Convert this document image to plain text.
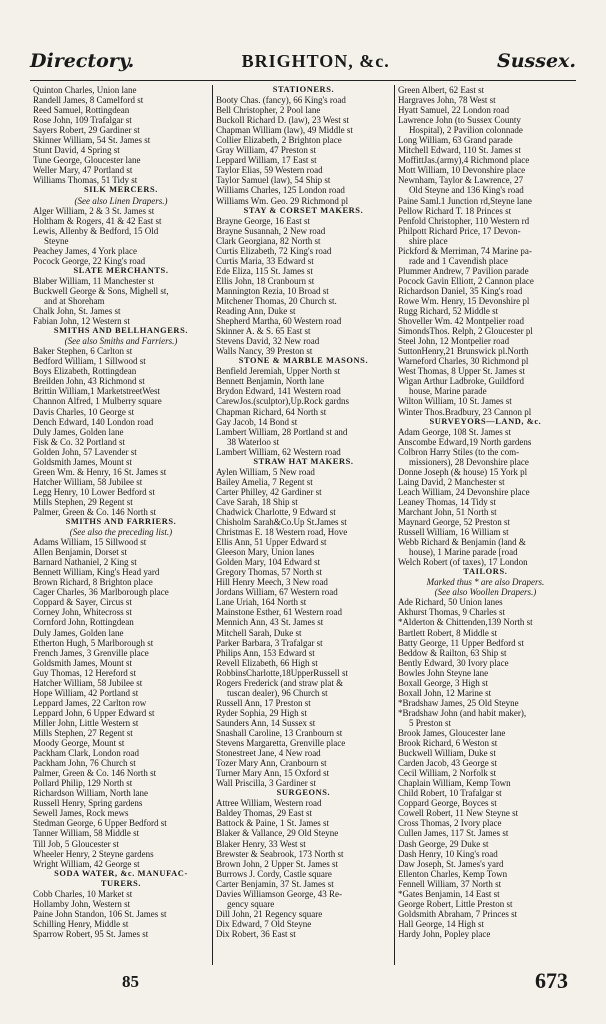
Directory.	BRIGHTON, &c.	Sussex.
Quinton Charles, Union lane
Randell James, 8 Camelford st
Reed Samuel, Rottingdean
Rose John, 109 Trafalgar st
Sayers Robert, 29 Gardiner st
Skinner William, 54 St. James st
Stunt David, 4 Spring st
Tune George, Gloucester lane
Weller Mary, 47 Portland st
Williams Thomas, 51 Tidy st
SILK MERCERS.
(See also Linen Drapers.)
Alger William, 2 & 3 St. James st
Holtham & Rogers, 41 & 42 East st
Lewis, Allenby & Bedford, 15 Old
Steyne
Peachey James, 4 York place
Pocock George, 22 King's road
SLATE MERCHANTS.
Blaber William, 11 Manchester st
Buckwell George & Sons, Mighell st,
and at Shoreham
Chalk John, St. James st
Fabian John, 12 Western st
SMITHS AND BELLHANGERS.
(See also Smiths and Farriers.)
Baker Stephen, 6 Carlton st
Bedford William, 1 Sillwood st
Boys Elizabeth, Rottingdean
Breilden John, 43 Richmond st
Brittin William,1 MarketstreetWest
Channon Alfred, 1 Mulberry square
Davis Charles, 10 George st
Dench Edward, 140 London road
Duly James, Golden lane
Fisk & Co. 32 Portland st
Golden John, 57 Lavender st
Goldsmith James, Mount st
Green Wm. & Henry, 16 St. James st
Hatcher William, 58 Jubilee st
Legg Henry, 10 Lower Bedford st
Mills Stephen, 29 Regent st
Palmer, Green & Co. 146 North st
SMITHS AND FARRIERS.
(See also the preceding list.)
Adams William, 15 Sillwood st
Allen Benjamin, Dorset st
Barnard Nathaniel, 2 King st
Bennett William, King's Head yard
Brown Richard, 8 Brighton place
Cager Charles, 36 Marlborough place
Coppard & Sayer, Circus st
Corney John, Whitecross st
Cornford John, Rottingdean
Duly James, Golden lane
Etherton Hugh, 5 Marlborough st
French James, 3 Grenville place
Goldsmith James, Mount st
Guy Thomas, 12 Hereford st
Hatcher William, 58 Jubilee st
Hope William, 42 Portland st
Leppard James, 22 Carlton row
Leppard John, 6 Upper Edward st
Miller John, Little Western st
Mills Stephen, 27 Regent st
Moody George, Mount st
Packham Clark, London road
Packham John, 76 Church st
Palmer, Green & Co. 146 North st
Pollard Philip, 129 North st
Richardson William, North lane
Russell Henry, Spring gardens
Sewell James, Rock mews
Stedman George, 6 Upper Bedford st
Tanner William, 58 Middle st
Till Job, 5 Gloucester st
Wheeler Henry, 2 Steyne gardens
Wright William, 42 George st
SODA WATER, &c. MANUFAC-
TURERS.
Cobb Charles, 10 Market st
Hollamby John, Western st
Paine John Standon, 106 St. James st
Schilling Henry, Middle st
Sparrow Robert, 95 St. James st
STATIONERS.
Booty Chas. (fancy), 66 King's road
Bell Christopher, 2 Pool lane
Buckoll Richard D. (law), 23 West st
Chapman William (law), 49 Middle st
Collier Elizabeth, 2 Brighton place
Gray William, 47 Preston st
Leppard William, 17 East st
Taylor Elias, 59 Western road
Taylor Samuel (law), 54 Ship st
Williams Charles, 125 London road
Williams Wm. Geo. 29 Richmond pl
STAY & CORSET MAKERS.
Brayne George, 16 East st
Brayne Susannah, 2 New road
Clark Georgiana, 82 North st
Curtis Elizabeth, 72 King's road
Curtis Maria, 33 Edward st
Ede Eliza, 115 St. James st
Ellis John, 18 Cranbourn st
Mannington Rezia, 10 Broad st
Mitchener Thomas, 20 Church st.
Reading Ann, Duke st
Shepherd Martha, 60 Western road
Skinner A. & S. 65 East st
Stevens David, 32 New road
Walls Nancy, 39 Preston st
STONE & MARBLE MASONS.
Benfield Jeremiah, Upper North st
Bennett Benjamin, North lane
Brydon Edward, 141 Western road
CarewJos.(sculptor),Up.Rock gardns
Chapman Richard, 64 North st
Gay Jacob, 14 Bond st
Lambert William, 28 Portland st and
38 Waterloo st
Lambert William, 62 Western road
STRAW HAT MAKERS.
Aylen William, 5 New road
Bailey Amelia, 7 Regent st
Carter Philley, 42 Gardiner st
Cave Sarah, 18 Ship st
Chadwick Charlotte, 9 Edward st
Chisholm Sarah&Co.Up St.James st
Christmas E. 18 Western road, Hove
Ellis Ann, 51 Upper Edward st
Gleeson Mary, Union lanes
Golden Mary, 104 Edward st
Gregory Thomas, 57 North st
Hill Henry Meech, 3 New road
Jordans William, 67 Western road
Lane Uriah, 164 North st
Mainstone Esther, 61 Western road
Mennich Ann, 43 St. James st
Mitchell Sarah, Duke st
Parker Barbara, 3 Trafalgar st
Philips Ann, 153 Edward st
Revell Elizabeth, 66 High st
RobbinsCharlotte,18UpperRussell st
Rogers Frederick (and straw plat &
tuscan dealer), 96 Church st
Russell Ann, 17 Preston st
Ryder Sophia, 29 High st
Saunders Ann, 14 Sussex st
Snashall Caroline, 13 Cranbourn st
Stevens Margaretta, Grenville place
Stonestreet Jane, 4 New road
Tozer Mary Ann, Cranbourn st
Turner Mary Ann, 15 Oxford st
Wall Priscilla, 3 Gardiner st
SURGEONS.
Attree William, Western road
Baldey Thomas, 29 East st
Battock & Paine, 1 St. James st
Blaker & Vallance, 29 Old Steyne
Blaker Henry, 33 West st
Brewster & Seabrook, 173 North st
Brown John, 2 Upper St. James st
Burrows J. Cordy, Castle square
Carter Benjamin, 37 St. James st
Davies Williamson George, 43 Re-
gency square
Dill John, 21 Regency square
Dix Edward, 7 Old Steyne
Dix Robert, 36 East st
Green Albert, 62 East st
Hargraves John, 78 West st
Hyatt Samuel, 22 London road
Lawrence John (to Sussex County
Hospital), 2 Pavilion colonnade
Long William, 63 Grand parade
Mitchell Edward, 110 St. James st
MoffittJas.(army),4 Richmond place
Mott William, 10 Devonshire place
Newnham, Taylor & Lawrence, 27
Old Steyne and 136 King's road
Paine Saml.1 Junction rd,Steyne lane
Pellow Richard T. 18 Princes st
Penfold Christopher, 110 Western rd
Philpott Richard Price, 17 Devon-
shire place
Pickford & Merriman, 74 Marine pa-
rade and 1 Cavendish place
Plummer Andrew, 7 Pavilion parade
Pocock Gavin Elliott, 2 Cannon place
Richardson Daniel, 35 King's road
Rowe Wm. Henry, 15 Devonshire pl
Rugg Richard, 52 Middle st
Shoveller Wm. 42 Montpelier road
SimondsThos. Relph, 2 Gloucester pl
Steel John, 12 Montpelier road
SuttonHenry,21 Brunswick pl.North
Warneford Charles, 30 Richmond pl
West Thomas, 8 Upper St. James st
Wigan Arthur Ladbroke, Guildford
house, Marine parade
Wilton William, 10 St. James st
Winter Thos.Bradbury, 23 Cannon pl
SURVEYORS—LAND, &c.
Adam George, 108 St. James st
Anscombe Edward,19 North gardens
Colbron Harry Stiles (to the com-
missioners), 28 Devonshire place
Donne Joseph (& house) 15 York pl
Laing David, 2 Manchester st
Leach William, 24 Devonshire place
Leaney Thomas, 14 Tidy st
Marchant John, 51 North st
Maynard George, 52 Preston st
Russell William, 16 William st
Webb Richard & Benjamin (land &
house), 1 Marine parade [road
Welch Robert (of taxes), 17 London
TAILORS.
Marked thus * are also Drapers.
(See also Woollen Drapers.)
Ade Richard, 50 Union lanes
Akhurst Thomas, 9 Charles st
*Alderton & Chittenden,139 North st
Bartlett Robert, 8 Middle st
Batty George, 11 Upper Bedford st
Beddow & Railton, 63 Ship st
Bently Edward, 30 Ivory place
Bowles John Steyne lane
Boxall George, 3 High st
Boxall John, 12 Marine st
*Bradshaw James, 25 Old Steyne
*Bradshaw John (and habit maker),
5 Preston st
Brook James, Gloucester lane
Brook Richard, 6 Weston st
Buckwell William, Duke st
Carden Jacob, 43 George st
Cecil William, 2 Norfolk st
Chaplain William, Kemp Town
Child Robert, 10 Trafalgar st
Coppard George, Boyces st
Cowell Robert, 11 New Steyne st
Cross Thomas, 2 Ivory place
Cullen James, 117 St. James st
Dash George, 29 Duke st
Dash Henry, 10 King's road
Daw Joseph, St. James's yard
Ellenton Charles, Kemp Town
Fennell William, 37 North st
*Gates Benjamin, 14 East st
George Robert, Little Preston st
Goldsmith Abraham, 7 Princes st
Hall George, 14 High st
Hardy John, Popley place
85	673
